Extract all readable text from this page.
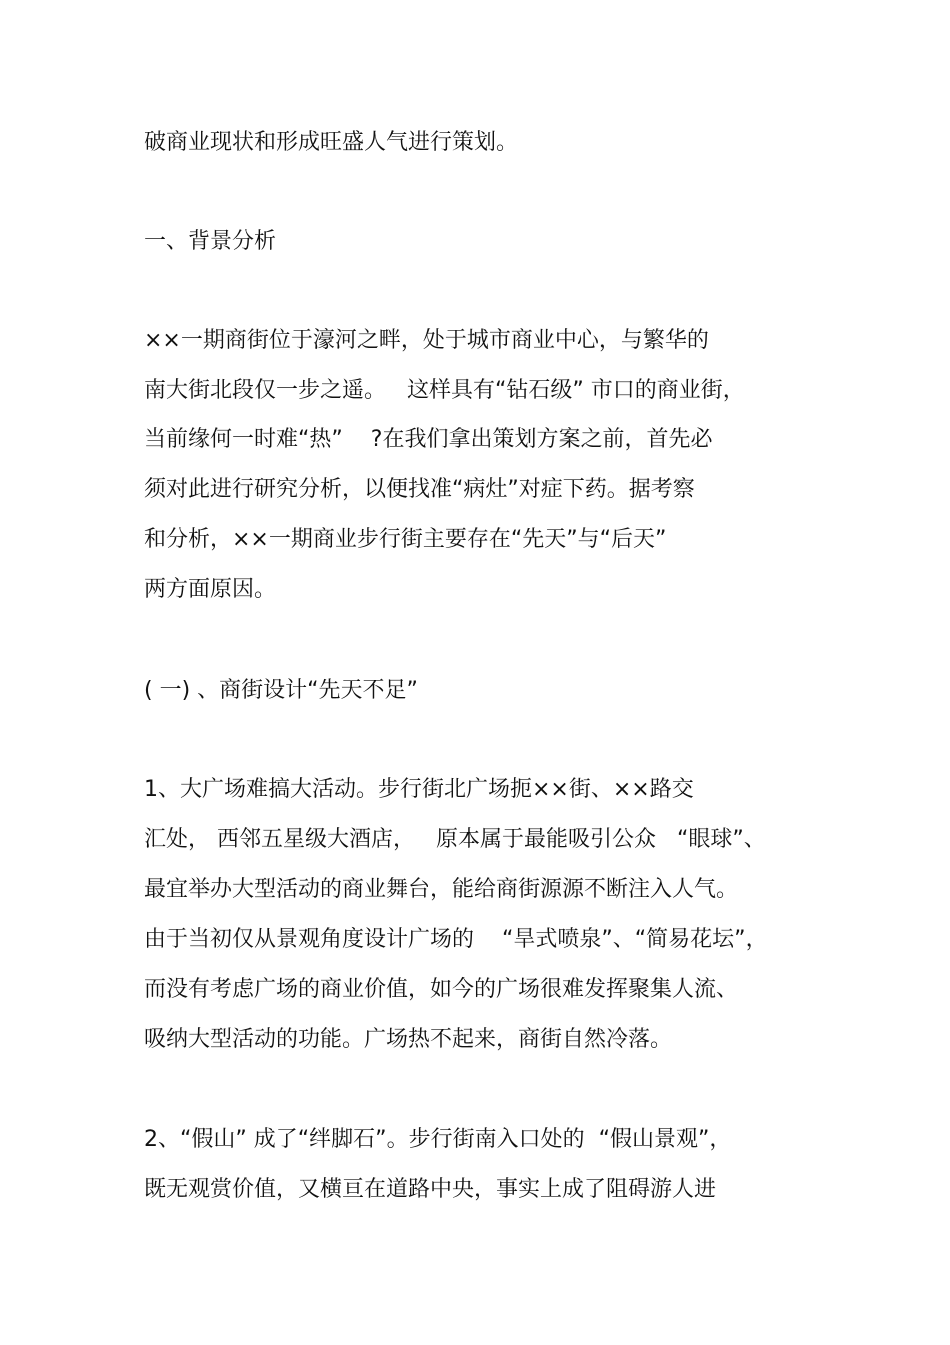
破商业现状和形成旺盛人气进行策划。
一、背景分析
××一期商街位于濠河之畔，处于城市商业中心，与繁华的
南大街北段仅一步之遥。   这样具有“钻石级” 市口的商业街，
当前缘何一时难“热”    ?在我们拿出策划方案之前，首先必
须对此进行研究分析，以便找准“病灶”对症下药。据考察
和分析，××一期商业步行街主要存在“先天”与“后天”
两方面原因。
( 一) 、商街设计“先天不足”
1、大广场难搞大活动。步行街北广场扼××街、××路交
汇处， 西邻五星级大酒店，   原本属于最能吸引公众   “眼球”、
最宜举办大型活动的商业舞台，能给商街源源不断注入人气。
由于当初仅从景观角度设计广场的    “旱式喷泉”、“简易花坛”，
而没有考虑广场的商业价值，如今的广场很难发挥聚集人流、
吸纳大型活动的功能。广场热不起来，商街自然冷落。
2、“假山” 成了“绊脚石”。步行街南入口处的  “假山景观”，
既无观赏价值，又横亘在道路中央，事实上成了阻碍游人进
